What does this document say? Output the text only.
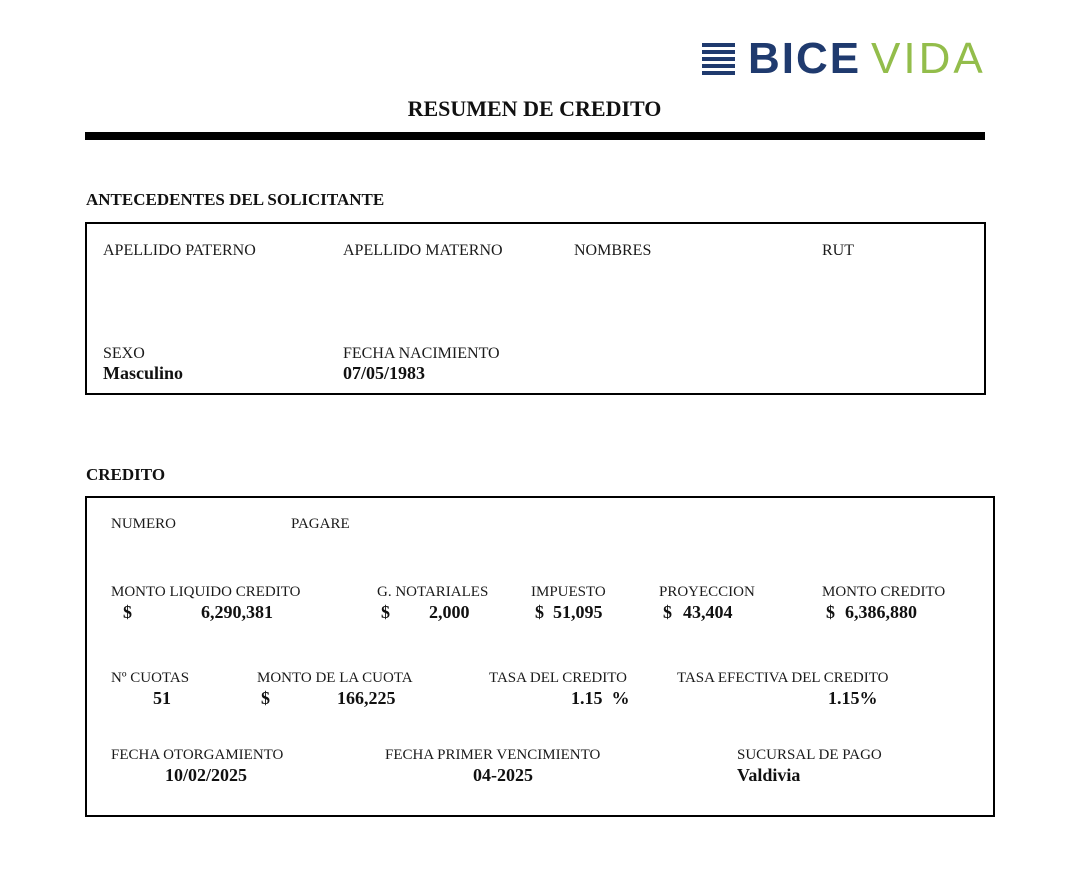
BICE VIDA
RESUMEN DE CREDITO
ANTECEDENTES DEL SOLICITANTE
APELLIDO PATERNO	APELLIDO MATERNO	NOMBRES	RUT
SEXO
Masculino
FECHA NACIMIENTO
07/05/1983
CREDITO
NUMERO	PAGARE
MONTO LIQUIDO CREDITO
$	6,290,381
G. NOTARIALES
$ 2,000
IMPUESTO
$ 51,095
PROYECCION
$ 43,404
MONTO CREDITO
$ 6,386,880
Nº CUOTAS
51
MONTO DE LA CUOTA
$	166,225
TASA DEL CREDITO
1.15  %
TASA EFECTIVA DEL CREDITO
1.15%
FECHA OTORGAMIENTO
10/02/2025
FECHA PRIMER VENCIMIENTO
04-2025
SUCURSAL DE PAGO
Valdivia
